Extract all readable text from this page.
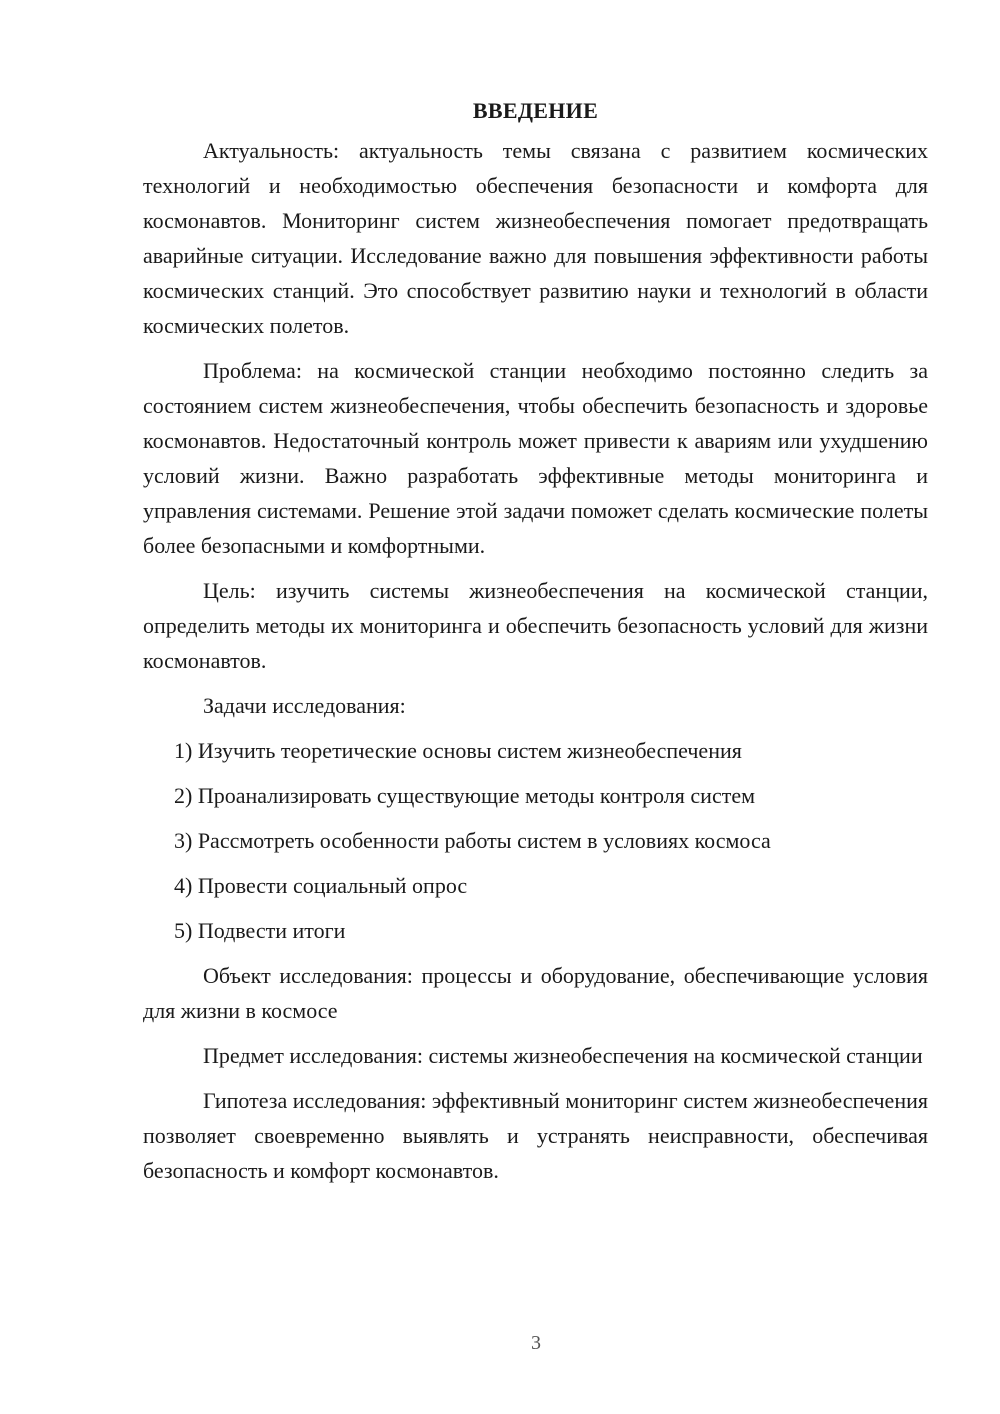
ВВЕДЕНИЕ

Актуальность: актуальность темы связана с развитием космических технологий и необходимостью обеспечения безопасности и комфорта для космонавтов. Мониторинг систем жизнеобеспечения помогает предотвращать аварийные ситуации. Исследование важно для повышения эффективности работы космических станций. Это способствует развитию науки и технологий в области космических полетов.

Проблема: на космической станции необходимо постоянно следить за состоянием систем жизнеобеспечения, чтобы обеспечить безопасность и здоровье космонавтов. Недостаточный контроль может привести к авариям или ухудшению условий жизни. Важно разработать эффективные методы мониторинга и управления системами. Решение этой задачи поможет сделать космические полеты более безопасными и комфортными.

Цель: изучить системы жизнеобеспечения на космической станции, определить методы их мониторинга и обеспечить безопасность условий для жизни космонавтов.

Задачи исследования:

1) Изучить теоретические основы систем жизнеобеспечения
2) Проанализировать существующие методы контроля систем
3) Рассмотреть особенности работы систем в условиях космоса
4) Провести социальный опрос
5) Подвести итоги

Объект исследования: процессы и оборудование, обеспечивающие условия для жизни в космосе

Предмет исследования: системы жизнеобеспечения на космической станции

Гипотеза исследования: эффективный мониторинг систем жизнеобеспечения позволяет своевременно выявлять и устранять неисправности, обеспечивая безопасность и комфорт космонавтов.

3
